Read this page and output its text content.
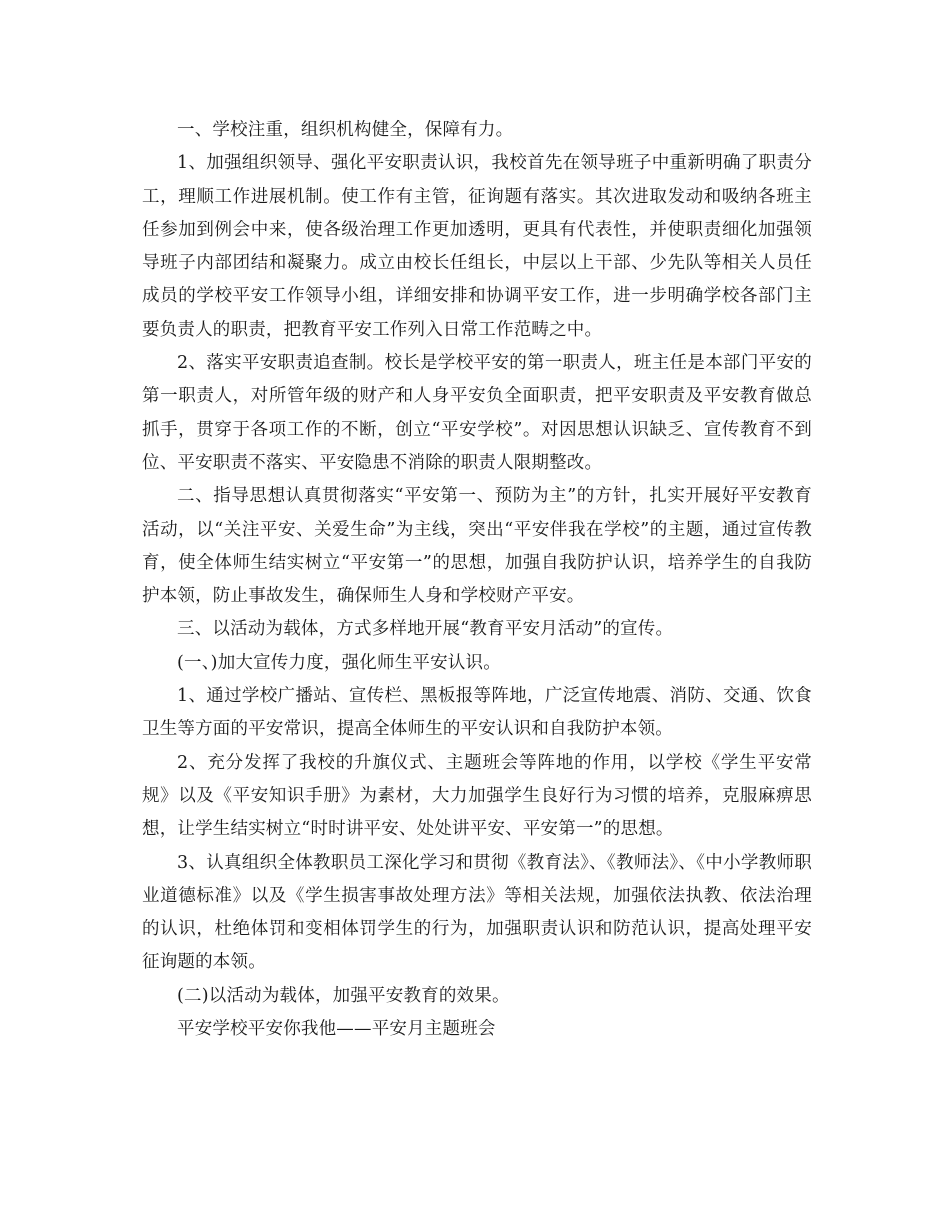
一、学校注重，组织机构健全，保障有力。

1、加强组织领导、强化平安职责认识，我校首先在领导班子中重新明确了职责分工，理顺工作进展机制。使工作有主管，征询题有落实。其次进取发动和吸纳各班主任参加到例会中来，使各级治理工作更加透明，更具有代表性，并使职责细化加强领导班子内部团结和凝聚力。成立由校长任组长，中层以上干部、少先队等相关人员任成员的学校平安工作领导小组，详细安排和协调平安工作，进一步明确学校各部门主要负责人的职责，把教育平安工作列入日常工作范畴之中。

2、落实平安职责追查制。校长是学校平安的第一职责人，班主任是本部门平安的第一职责人，对所管年级的财产和人身平安负全面职责，把平安职责及平安教育做总抓手，贯穿于各项工作的不断，创立“平安学校”。对因思想认识缺乏、宣传教育不到位、平安职责不落实、平安隐患不消除的职责人限期整改。

二、指导思想认真贯彻落实“平安第一、预防为主”的方针，扎实开展好平安教育活动，以“关注平安、关爱生命”为主线，突出“平安伴我在学校”的主题，通过宣传教育，使全体师生结实树立“平安第一”的思想，加强自我防护认识，培养学生的自我防护本领，防止事故发生，确保师生人身和学校财产平安。

三、以活动为载体，方式多样地开展“教育平安月活动”的宣传。

(一、)加大宣传力度，强化师生平安认识。

1、通过学校广播站、宣传栏、黑板报等阵地，广泛宣传地震、消防、交通、饮食卫生等方面的平安常识，提高全体师生的平安认识和自我防护本领。

2、充分发挥了我校的升旗仪式、主题班会等阵地的作用，以学校《学生平安常规》以及《平安知识手册》为素材，大力加强学生良好行为习惯的培养，克服麻痹思想，让学生结实树立“时时讲平安、处处讲平安、平安第一”的思想。

3、认真组织全体教职员工深化学习和贯彻《教育法》、《教师法》、《中小学教师职业道德标准》以及《学生损害事故处理方法》等相关法规，加强依法执教、依法治理的认识，杜绝体罚和变相体罚学生的行为，加强职责认识和防范认识，提高处理平安征询题的本领。

(二)以活动为载体，加强平安教育的效果。

平安学校平安你我他——平安月主题班会
